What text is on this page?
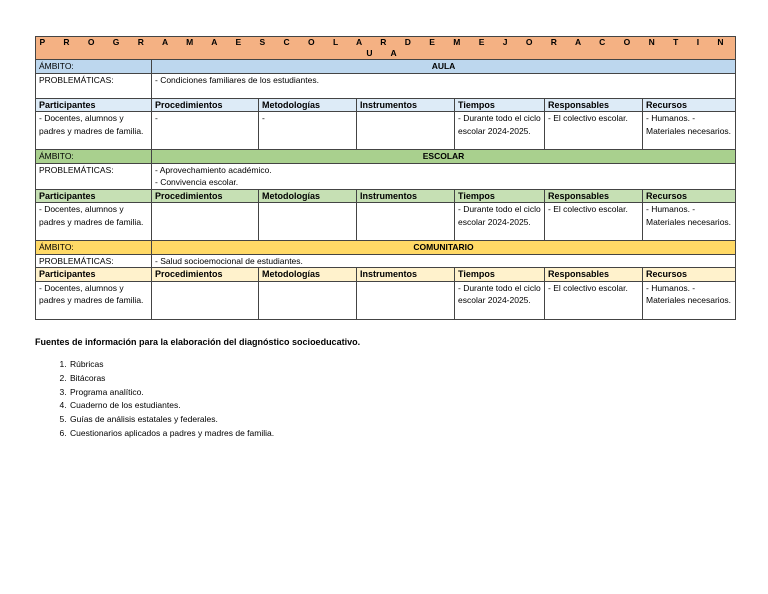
P R O G R A M A E S C O L A R D E M E J O R A C O N T I N U A						
ÁMBITO:	AULA					
PROBLEMÁTICAS:	- Condiciones familiares de los estudiantes.					

Participantes	Procedimientos	Metodologías	Instrumentos	Tiempos	Responsables	Recursos
- Docentes, alumnos y padres y madres de familia.	-	-		- Durante todo el ciclo escolar 2024-2025.	- El colectivo escolar.	- Humanos. - Materiales necesarios.
ÁMBITO:	ESCOLAR					
PROBLEMÁTICAS:	- Aprovechamiento académico.
- Convivencia escolar.					

Participantes	Procedimientos	Metodologías	Instrumentos	Tiempos	Responsables	Recursos
- Docentes, alumnos y padres y madres de familia.				- Durante todo el ciclo escolar 2024-2025.	- El colectivo escolar.	- Humanos. - Materiales necesarios.
ÁMBITO:	COMUNITARIO					
PROBLEMÁTICAS:	- Salud socioemocional de estudiantes.					

Participantes	Procedimientos	Metodologías	Instrumentos	Tiempos	Responsables	Recursos
- Docentes, alumnos y padres y madres de familia.				- Durante todo el ciclo escolar 2024-2025.	- El colectivo escolar.	- Humanos. - Materiales necesarios.
Fuentes de información para la elaboración del diagnóstico socioeducativo.
1. Rúbricas
2. Bitácoras
3. Programa analítico.
4. Cuaderno de los estudiantes.
5. Guías de análisis estatales y federales.
6. Cuestionarios aplicados a padres y madres de familia.
